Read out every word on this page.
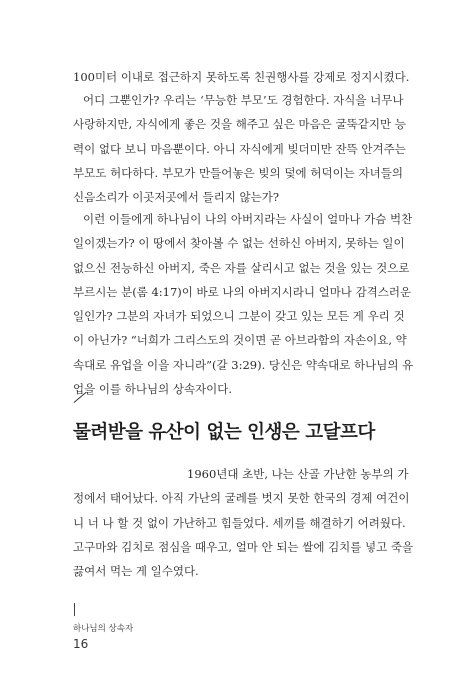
100미터 이내로 접근하지 못하도록 친권행사를 강제로 정지시켰다.
어디 그뿐인가? 우리는 ‘무능한 부모’도 경험한다. 자식을 너무나
사랑하지만, 자식에게 좋은 것을 해주고 싶은 마음은 굴뚝같지만 능
력이 없다 보니 마음뿐이다. 아니 자식에게 빚더미만 잔뜩 안겨주는
부모도 허다하다. 부모가 만들어놓은 빚의 덫에 허덕이는 자녀들의
신음소리가 이곳저곳에서 들리지 않는가?
이런 이들에게 하나님이 나의 아버지라는 사실이 얼마나 가슴 벅찬
일이겠는가? 이 땅에서 찾아볼 수 없는 선하신 아버지, 못하는 일이
없으신 전능하신 아버지, 죽은 자를 살리시고 없는 것을 있는 것으로
부르시는 분(롬 4:17)이 바로 나의 아버지시라니 얼마나 감격스러운
일인가? 그분의 자녀가 되었으니 그분이 갖고 있는 모든 게 우리 것
이 아닌가? “너희가 그리스도의 것이면 곧 아브라함의 자손이요, 약
속대로 유업을 이을 자니라”(갈 3:29). 당신은 약속대로 하나님의 유
업을 이를 하나님의 상속자이다.
물려받을 유산이 없는 인생은 고달프다
1960년대 초반, 나는 산골 가난한 농부의 가
정에서 태어났다. 아직 가난의 굴레를 벗지 못한 한국의 경제 여건이
니 너 나 할 것 없이 가난하고 힘들었다. 세끼를 해결하기 어려웠다.
고구마와 김치로 점심을 때우고, 얼마 안 되는 쌀에 김치를 넣고 죽을
끓여서 먹는 게 일수였다.
하나님의 상속자
16
